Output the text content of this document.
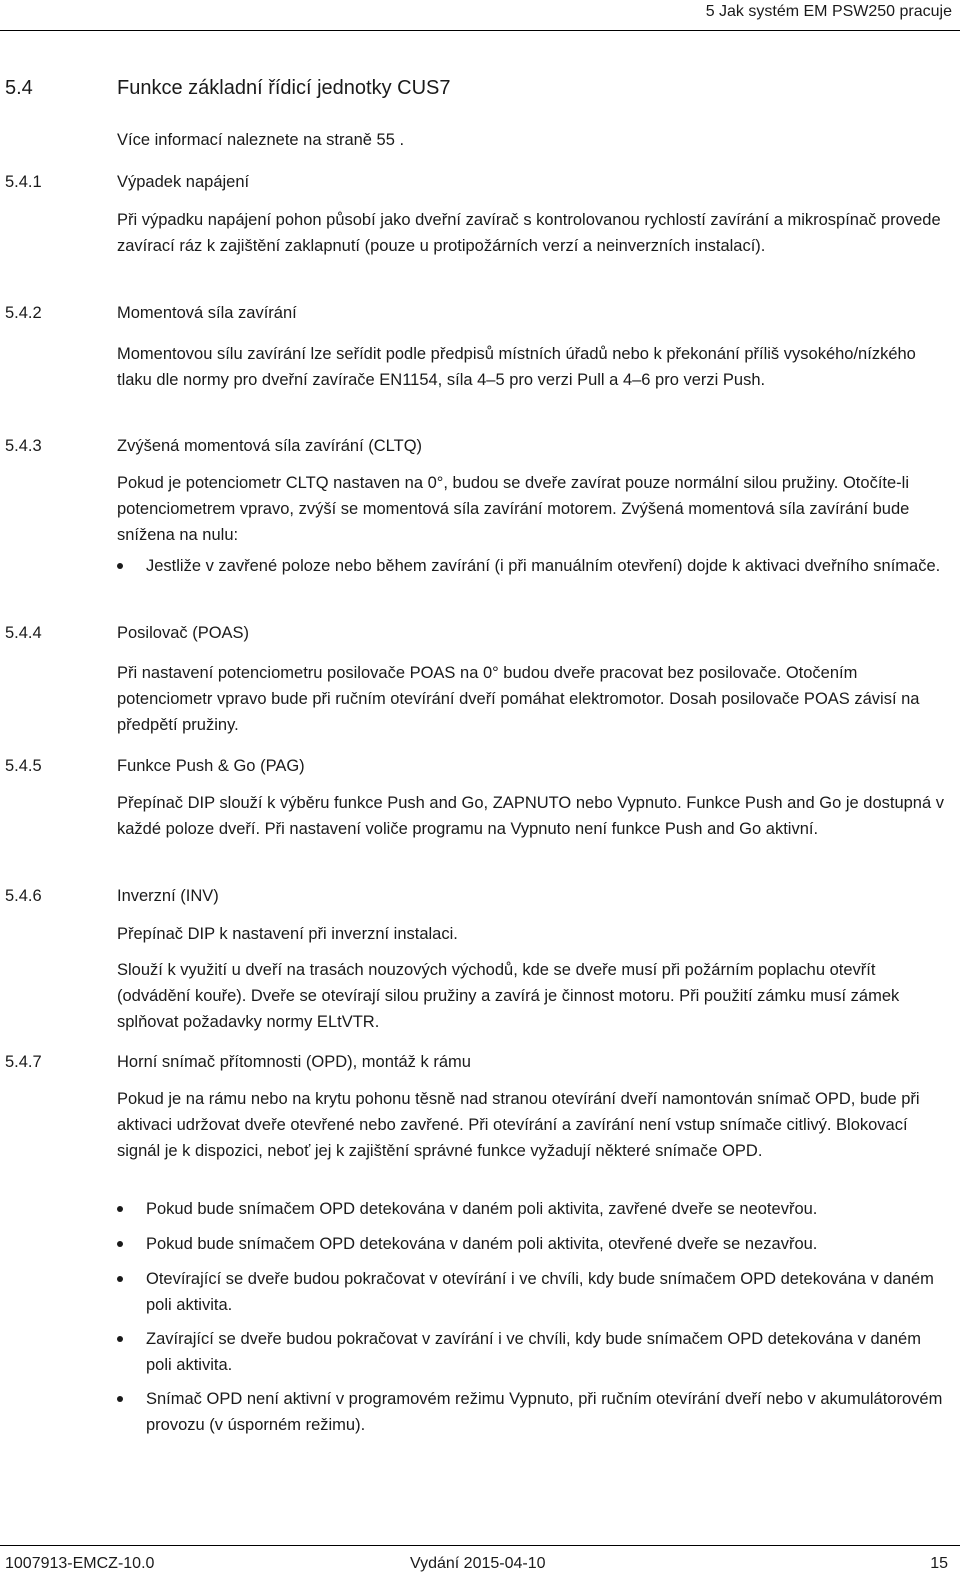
5 Jak systém EM PSW250 pracuje
5.4	Funkce základní řídicí jednotky CUS7

Více informací naleznete na straně 55 .

5.4.1	Výpadek napájení

Při výpadku napájení pohon působí jako dveřní zavírač s kontrolovanou rychlostí zavírání a mikrospínač provede zavírací ráz k zajištění zaklapnutí (pouze u protipožárních verzí a neinverzních instalací).

5.4.2	Momentová síla zavírání

Momentovou sílu zavírání lze seřídit podle předpisů místních úřadů nebo k překonání příliš vysokého/nízkého tlaku dle normy pro dveřní zavírače EN1154, síla 4–5 pro verzi Pull a 4–6 pro verzi Push.

5.4.3	Zvýšená momentová síla zavírání (CLTQ)

Pokud je potenciometr CLTQ nastaven na 0°, budou se dveře zavírat pouze normální silou pružiny. Otočíte-li potenciometrem vpravo, zvýší se momentová síla zavírání motorem. Zvýšená momentová síla zavírání bude snížena na nulu:

Jestliže v zavřené poloze nebo během zavírání (i při manuálním otevření) dojde k aktivaci dveřního snímače.
5.4.4	Posilovač (POAS)

Při nastavení potenciometru posilovače POAS na 0° budou dveře pracovat bez posilovače. Otočením potenciometr vpravo bude při ručním otevírání dveří pomáhat elektromotor. Dosah posilovače POAS závisí na předpětí pružiny.

5.4.5	Funkce Push & Go (PAG)

Přepínač DIP slouží k výběru funkce Push and Go, ZAPNUTO nebo Vypnuto. Funkce Push and Go je dostupná v každé poloze dveří. Při nastavení voliče programu na Vypnuto není funkce Push and Go aktivní.

5.4.6	Inverzní (INV)

Přepínač DIP k nastavení při inverzní instalaci.

Slouží k využití u dveří na trasách nouzových východů, kde se dveře musí při požárním poplachu otevřít (odvádění kouře). Dveře se otevírají silou pružiny a zavírá je činnost motoru. Při použití zámku musí zámek splňovat požadavky normy ELtVTR.

5.4.7	Horní snímač přítomnosti (OPD), montáž k rámu

Pokud je na rámu nebo na krytu pohonu těsně nad stranou otevírání dveří namontován snímač OPD, bude při aktivaci udržovat dveře otevřené nebo zavřené. Při otevírání a zavírání není vstup snímače citlivý. Blokovací signál je k dispozici, neboť jej k zajištění správné funkce vyžadují některé snímače OPD.

Pokud bude snímačem OPD detekována v daném poli aktivita, zavřené dveře se neotevřou.
Pokud bude snímačem OPD detekována v daném poli aktivita, otevřené dveře se nezavřou.
Otevírající se dveře budou pokračovat v otevírání i ve chvíli, kdy bude snímačem OPD detekována v daném poli aktivita.
Zavírající se dveře budou pokračovat v zavírání i ve chvíli, kdy bude snímačem OPD detekována v daném poli aktivita.
Snímač OPD není aktivní v programovém režimu Vypnuto, při ručním otevírání dveří nebo v akumulátorovém provozu (v úsporném režimu).
1007913-EMCZ-10.0	Vydání 2015-04-10	15
